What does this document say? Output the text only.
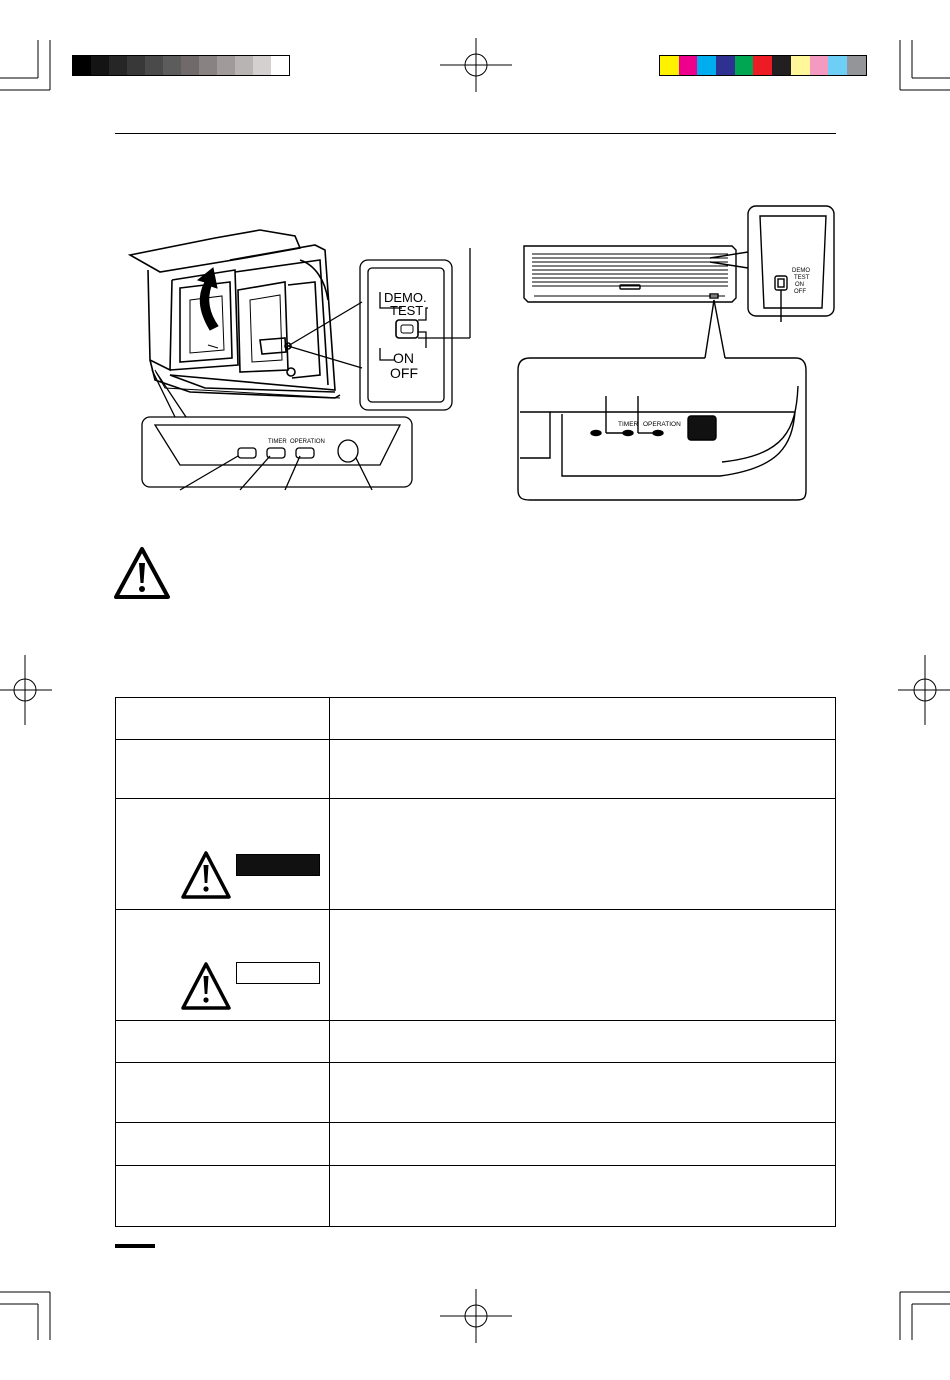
DEMO.
TEST
ON
OFF
TIMER OPERATION
DEMO
TEST
ON
OFF
TIMER OPERATION
